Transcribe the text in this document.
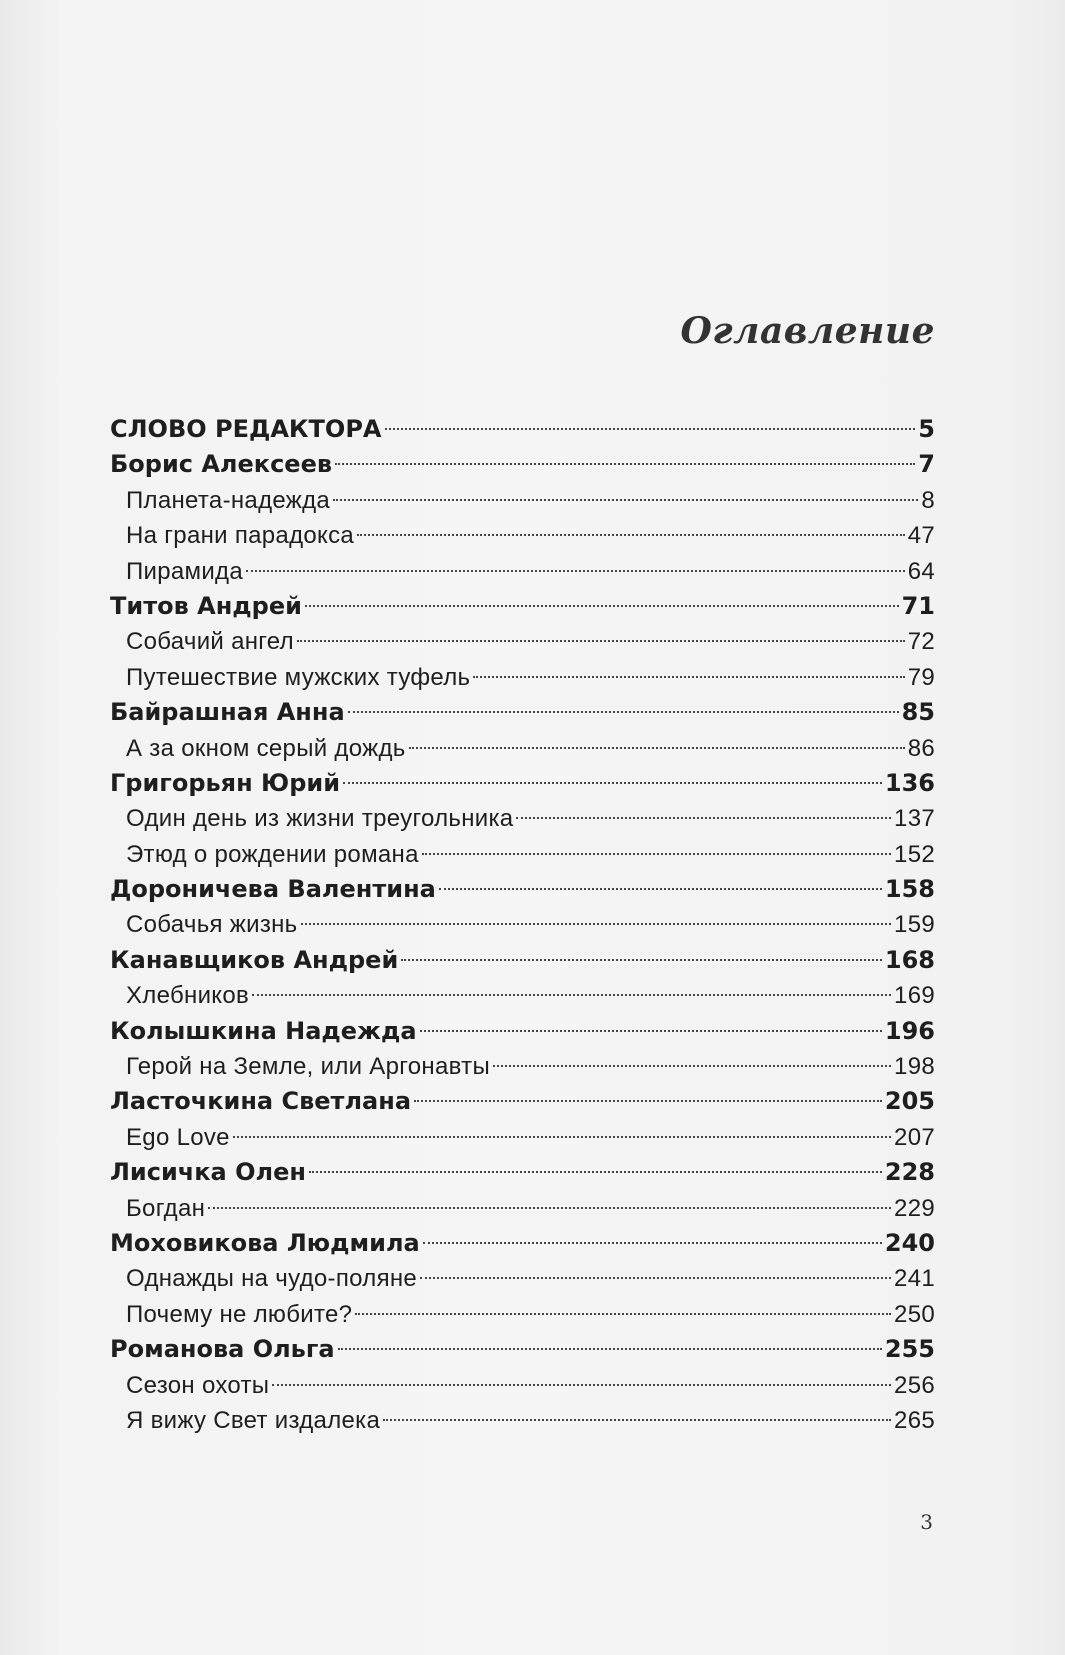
Оглавление
СЛОВО РЕДАКТОРА	5
Борис Алексеев	7
Планета-надежда	8
На грани парадокса	47
Пирамида	64
Титов Андрей	71
Собачий ангел	72
Путешествие мужских туфель	79
Байрашная Анна	85
А за окном серый дождь	86
Григорьян Юрий	136
Один день из жизни треугольника	137
Этюд о рождении романа	152
Дороничева Валентина	158
Собачья жизнь	159
Канавщиков Андрей	168
Хлебников	169
Колышкина Надежда	196
Герой на Земле, или Аргонавты	198
Ласточкина Светлана	205
Ego Love	207
Лисичка Олен	228
Богдан	229
Моховикова Людмила	240
Однажды на чудо-поляне	241
Почему не любите?	250
Романова Ольга	255
Сезон охоты	256
Я вижу Свет издалека	265
3
